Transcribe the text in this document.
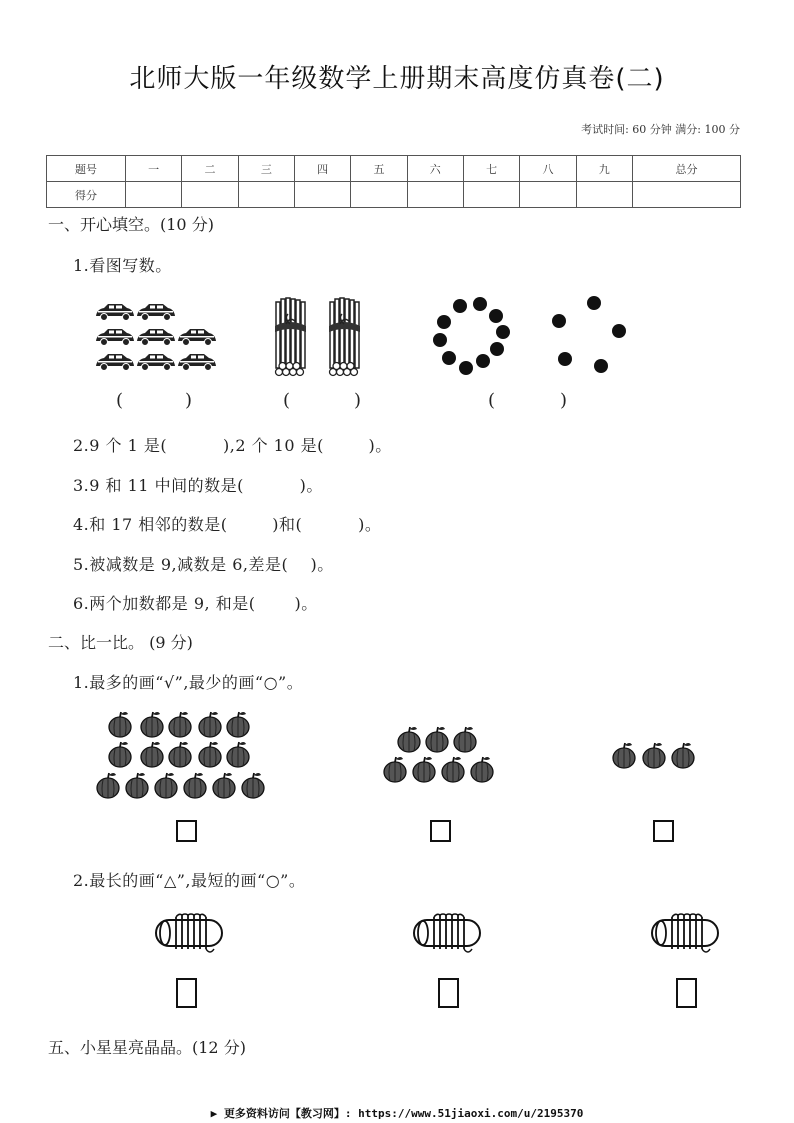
北师大版一年级数学上册期末高度仿真卷(二)
考试时间: 60 分钟 满分: 100 分
题号	一	二	三	四	五	六	七	八	九	总分
得分										
一、开心填空。(10 分)
1.看图写数。
(	)	(	)	(	)
2.9 个 1 是(          ),2 个 10 是(        )。
3.9 和 11 中间的数是(          )。
4.和 17 相邻的数是(        )和(          )。
5.被减数是 9,减数是 6,差是(    )。
6.两个加数都是 9, 和是(       )。
二、比一比。 (9 分)
1.最多的画“√”,最少的画“○”。
2.最长的画“△”,最短的画“○”。
五、小星星亮晶晶。(12 分)
▶ 更多资料访问【教习网】: https://www.51jiaoxi.com/u/2195370
